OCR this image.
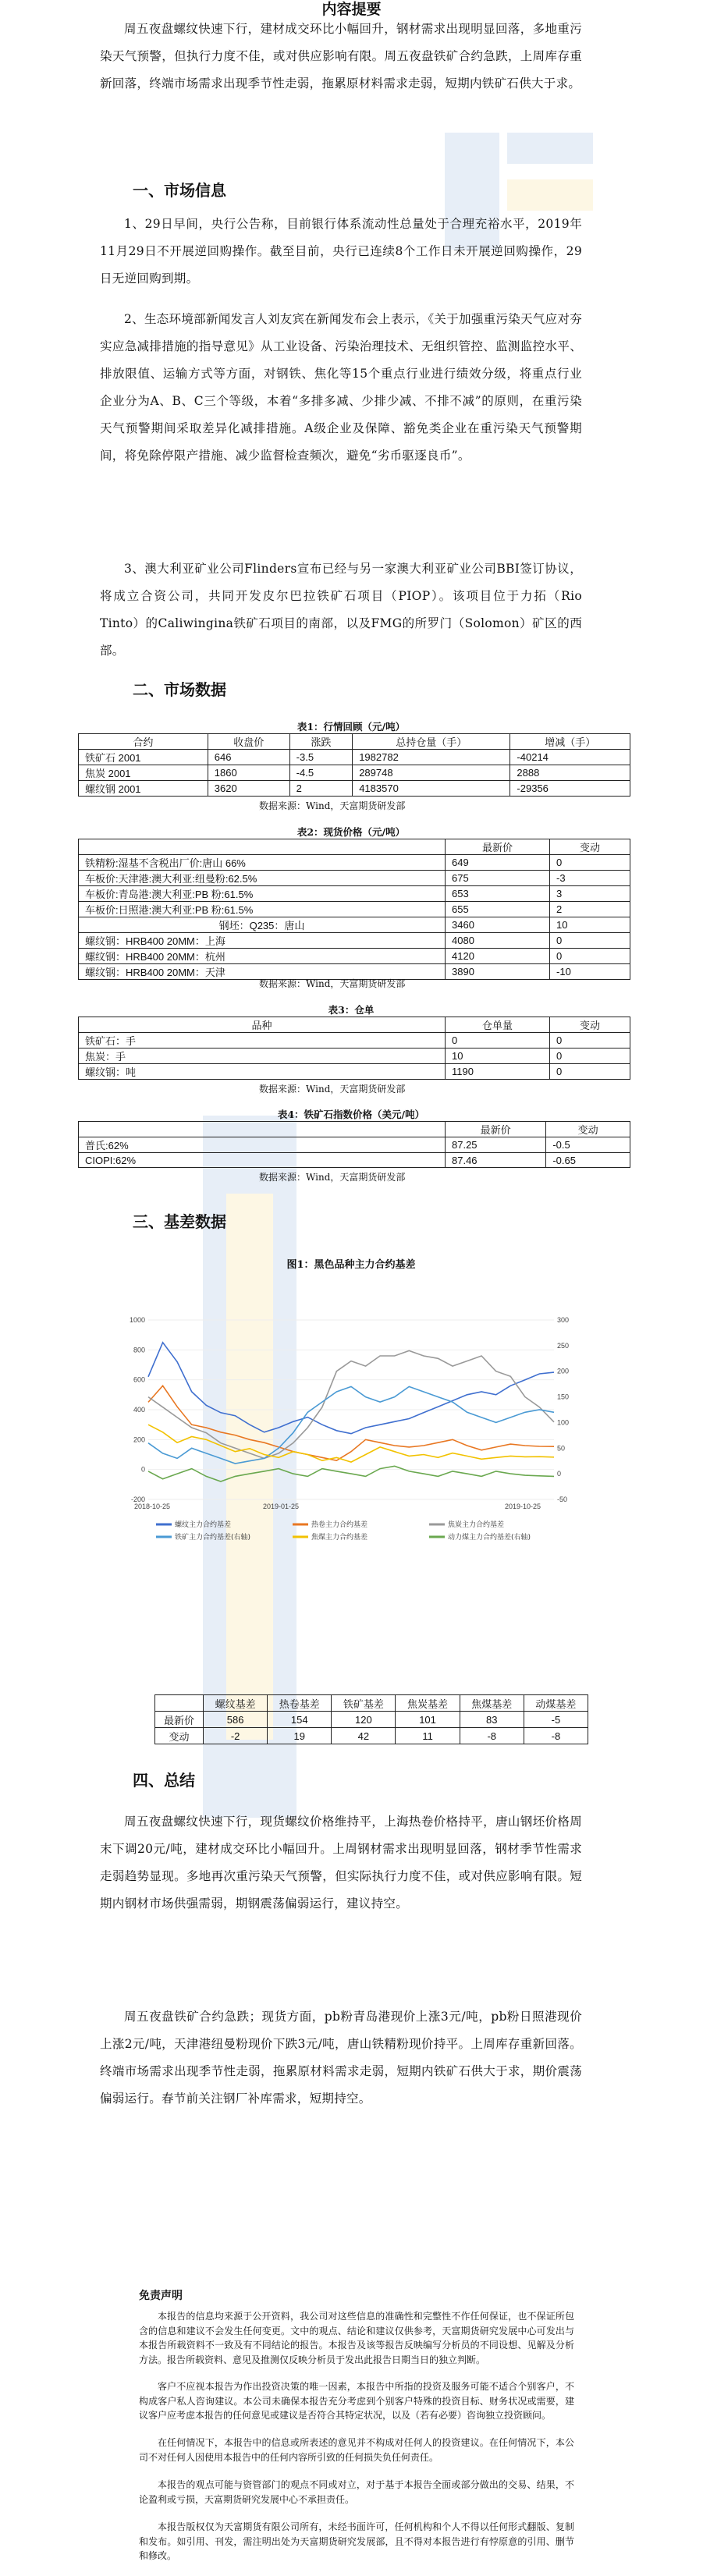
内容提要

周五夜盘螺纹快速下行，建材成交环比小幅回升，钢材需求出现明显回落，多地重污染天气预警，但执行力度不佳，或对供应影响有限。周五夜盘铁矿合约急跌，上周库存重新回落，终端市场需求出现季节性走弱，拖累原材料需求走弱，短期内铁矿石供大于求。

一、市场信息

1、29日早间，央行公告称，目前银行体系流动性总量处于合理充裕水平，2019年11月29日不开展逆回购操作。截至目前，央行已连续8个工作日未开展逆回购操作，29日无逆回购到期。

2、生态环境部新闻发言人刘友宾在新闻发布会上表示，《关于加强重污染天气应对夯实应急减排措施的指导意见》从工业设备、污染治理技术、无组织管控、监测监控水平、排放限值、运输方式等方面，对钢铁、焦化等15个重点行业进行绩效分级，将重点行业企业分为A、B、C三个等级，本着“多排多减、少排少减、不排不减”的原则，在重污染天气预警期间采取差异化减排措施。A级企业及保障、豁免类企业在重污染天气预警期间，将免除停限产措施、减少监督检查频次，避免“劣币驱逐良币”。

3、澳大利亚矿业公司Flinders宣布已经与另一家澳大利亚矿业公司BBI签订协议，将成立合资公司，共同开发皮尔巴拉铁矿石项目（PIOP）。该项目位于力拓（Rio Tinto）的Caliwingina铁矿石项目的南部，以及FMG的所罗门（Solomon）矿区的西部。

二、市场数据
表1：行情回顾（元/吨）
合约	收盘价	涨跌	总持仓量（手）	增减（手）
铁矿石 2001	646	-3.5	1982782	-40214
焦炭 2001	1860	-4.5	289748	2888
螺纹钢 2001	3620	2	4183570	-29356
数据来源：Wind，天富期货研发部
表2：现货价格（元/吨）
	最新价	变动
铁精粉:湿基不含税出厂价:唐山 66%	649	0
车板价:天津港:澳大利亚:纽曼粉:62.5%	675	-3
车板价:青岛港:澳大利亚:PB 粉:61.5%	653	3
车板价:日照港:澳大利亚:PB 粉:61.5%	655	2
钢坯：Q235：唐山	3460	10
螺纹钢：HRB400 20MM：上海	4080	0
螺纹钢：HRB400 20MM：杭州	4120	0
螺纹钢：HRB400 20MM：天津	3890	-10
数据来源：Wind，天富期货研发部
表3：仓单
品种	仓单量	变动
铁矿石：手	0	0
焦炭：手	10	0
螺纹钢：吨	1190	0
数据来源：Wind，天富期货研发部
表4：铁矿石指数价格（美元/吨）
	最新价	变动
普氏:62%	87.25	-0.5
CIOPI:62%	87.46	-0.65
数据来源：Wind，天富期货研发部
三、基差数据
图1：黑色品种主力合约基差
-200
0
200
400
600
800
1000
-50
0
50
100
150
200
250
300
2018-10-25	2019-01-25	2019-10-25
螺纹主力合约基差	热卷主力合约基差	焦炭主力合约基差
铁矿主力合约基差(右轴)	焦煤主力合约基差	动力煤主力合约基差(右轴)
	螺纹基差	热卷基差	铁矿基差	焦炭基差	焦煤基差	动煤基差
最新价	586	154	120	101	83	-5
变动	-2	19	42	11	-8	-8
四、总结

周五夜盘螺纹快速下行，现货螺纹价格维持平，上海热卷价格持平，唐山钢坯价格周末下调20元/吨，建材成交环比小幅回升。上周钢材需求出现明显回落，钢材季节性需求走弱趋势显现。多地再次重污染天气预警，但实际执行力度不佳，或对供应影响有限。短期内钢材市场供强需弱，期钢震荡偏弱运行，建议持空。

周五夜盘铁矿合约急跌；现货方面，pb粉青岛港现价上涨3元/吨，pb粉日照港现价上涨2元/吨，天津港纽曼粉现价下跌3元/吨，唐山铁精粉现价持平。上周库存重新回落。终端市场需求出现季节性走弱，拖累原材料需求走弱，短期内铁矿石供大于求，期价震荡偏弱运行。春节前关注钢厂补库需求，短期持空。

免责声明

本报告的信息均来源于公开资料，我公司对这些信息的准确性和完整性不作任何保证，也不保证所包含的信息和建议不会发生任何变更。文中的观点、结论和建议仅供参考，天富期货研究发展中心可发出与本报告所载资料不一致及有不同结论的报告。本报告及该等报告反映编写分析员的不同设想、见解及分析方法。报告所载资料、意见及推测仅反映分析员于发出此报告日期当日的独立判断。

客户不应视本报告为作出投资决策的唯一因素，本报告中所指的投资及服务可能不适合个别客户，不构成客户私人咨询建议。本公司未确保本报告充分考虑到个别客户特殊的投资目标、财务状况或需要，建议客户应考虑本报告的任何意见或建议是否符合其特定状况，以及（若有必要）咨询独立投资顾问。

在任何情况下，本报告中的信息或所表述的意见并不构成对任何人的投资建议。在任何情况下，本公司不对任何人因使用本报告中的任何内容所引致的任何损失负任何责任。

本报告的观点可能与资管部门的观点不同或对立，对于基于本报告全面或部分做出的交易、结果，不论盈利或亏损，天富期货研究发展中心不承担责任。

本报告版权仅为天富期货有限公司所有，未经书面许可，任何机构和个人不得以任何形式翻版、复制和发布。如引用、刊发，需注明出处为天富期货研究发展部，且不得对本报告进行有悖原意的引用、删节和修改。
